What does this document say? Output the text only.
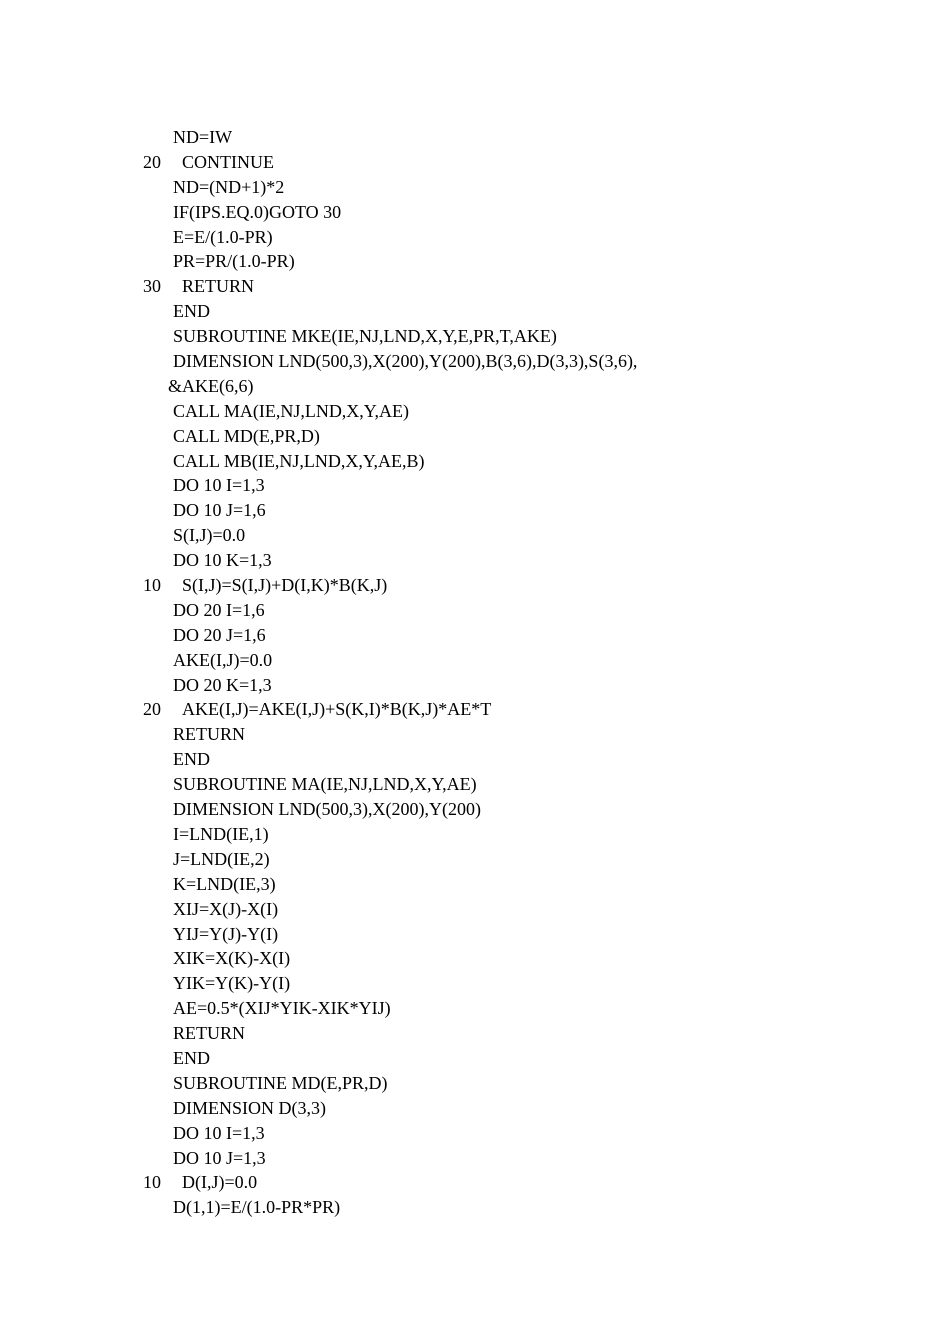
ND=IW
20 CONTINUE
ND=(ND+1)*2
IF(IPS.EQ.0)GOTO 30
E=E/(1.0-PR)
PR=PR/(1.0-PR)
30 RETURN
END
SUBROUTINE MKE(IE,NJ,LND,X,Y,E,PR,T,AKE)
DIMENSION LND(500,3),X(200),Y(200),B(3,6),D(3,3),S(3,6),
&AKE(6,6)
CALL MA(IE,NJ,LND,X,Y,AE)
CALL MD(E,PR,D)
CALL MB(IE,NJ,LND,X,Y,AE,B)
DO 10 I=1,3
DO 10 J=1,6
S(I,J)=0.0
DO 10 K=1,3
10 S(I,J)=S(I,J)+D(I,K)*B(K,J)
DO 20 I=1,6
DO 20 J=1,6
AKE(I,J)=0.0
DO 20 K=1,3
20 AKE(I,J)=AKE(I,J)+S(K,I)*B(K,J)*AE*T
RETURN
END
SUBROUTINE MA(IE,NJ,LND,X,Y,AE)
DIMENSION LND(500,3),X(200),Y(200)
I=LND(IE,1)
J=LND(IE,2)
K=LND(IE,3)
XIJ=X(J)-X(I)
YIJ=Y(J)-Y(I)
XIK=X(K)-X(I)
YIK=Y(K)-Y(I)
AE=0.5*(XIJ*YIK-XIK*YIJ)
RETURN
END
SUBROUTINE MD(E,PR,D)
DIMENSION D(3,3)
DO 10 I=1,3
DO 10 J=1,3
10 D(I,J)=0.0
D(1,1)=E/(1.0-PR*PR)
